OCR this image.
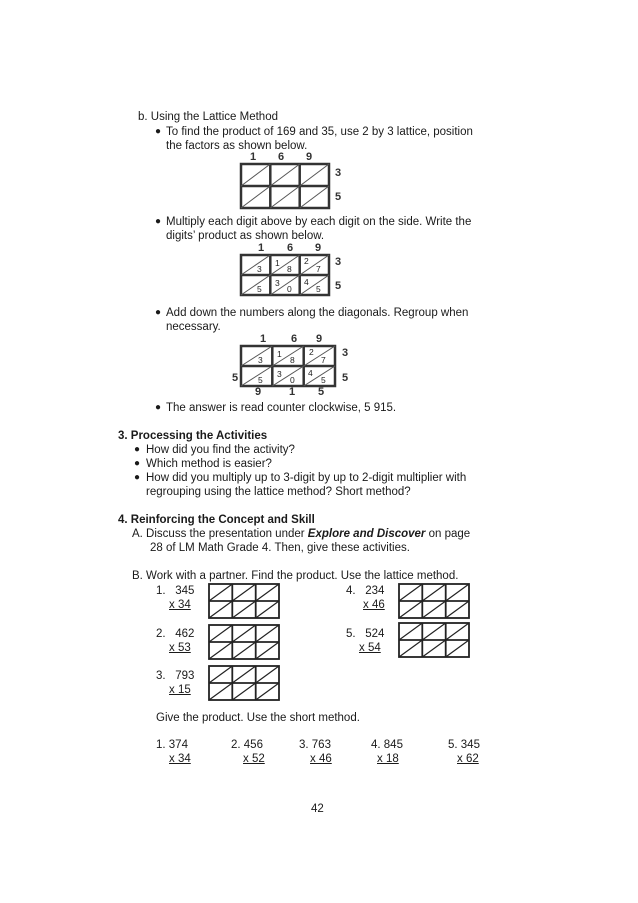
b. Using the Lattice Method
● To find the product of 169 and 35, use 2 by 3 lattice, position
the factors as shown below.
1 6 9
3
5
● Multiply each digit above by each digit on the side. Write the
digits’ product as shown below.
1 6 9
3
5
3
1
8
2
7
5
3
0
4
5
● Add down the numbers along the diagonals. Regroup when
necessary.
1 6 9
3
5
5
9	1 5
3
1
8
2
7
5
3
0
4
5
● The answer is read counter clockwise, 5 915.
3. Processing the Activities
● How did you find the activity?
● Which method is easier?
● How did you multiply up to 3-digit by up to 2-digit multiplier with
regrouping using the lattice method? Short method?
4. Reinforcing the Concept and Skill
A. Discuss the presentation under Explore and Discover on page
28 of LM Math Grade 4. Then, give these activities.
B. Work with a partner. Find the product. Use the lattice method.
1. 345
x 34
4. 234
x 46
2. 462
x 53
5. 524
x 54
3. 793
x 15
Give the product. Use the short method.
1. 374
x 34
2. 456
x 52
3. 763
x 46
4. 845
x 18
5. 345
x 62
42
